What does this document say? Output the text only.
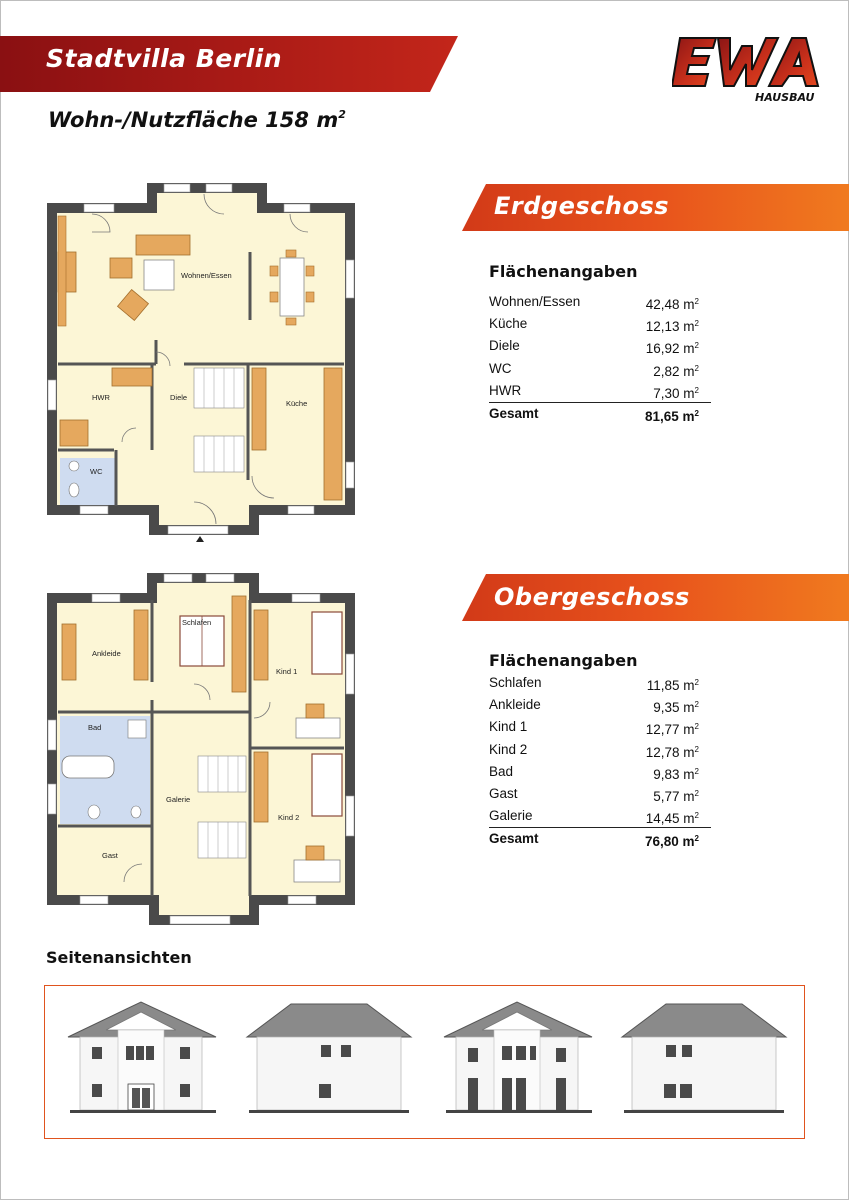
Stadtvilla Berlin
Wohn-/Nutzfläche 158 $m^2$
HAUSBAU
Erdgeschoss
Flächenangaben
Wohnen/Essen	42,48 $m^2$
Küche	12,13 $m^2$
Diele	16,92 $m^2$
WC	2,82 $m^2$
HWR	7,30 $m^2$
Gesamt	81,65 $m^2$
Obergeschoss
Flächenangaben
Schlafen	11,85 $m^2$
Ankleide	9,35 $m^2$
Kind 1	12,77 $m^2$
Kind 2	12,78 $m^2$
Bad	9,83 $m^2$
Gast	5,77 $m^2$
Galerie	14,45 $m^2$
Gesamt	76,80 $m^2$
Wohnen/Essen
HWR	Diele
Küche
WC
Ankleide
Schlafen
Kind 1
Bad
Galerie
Kind 2
Gast
Seitenansichten
